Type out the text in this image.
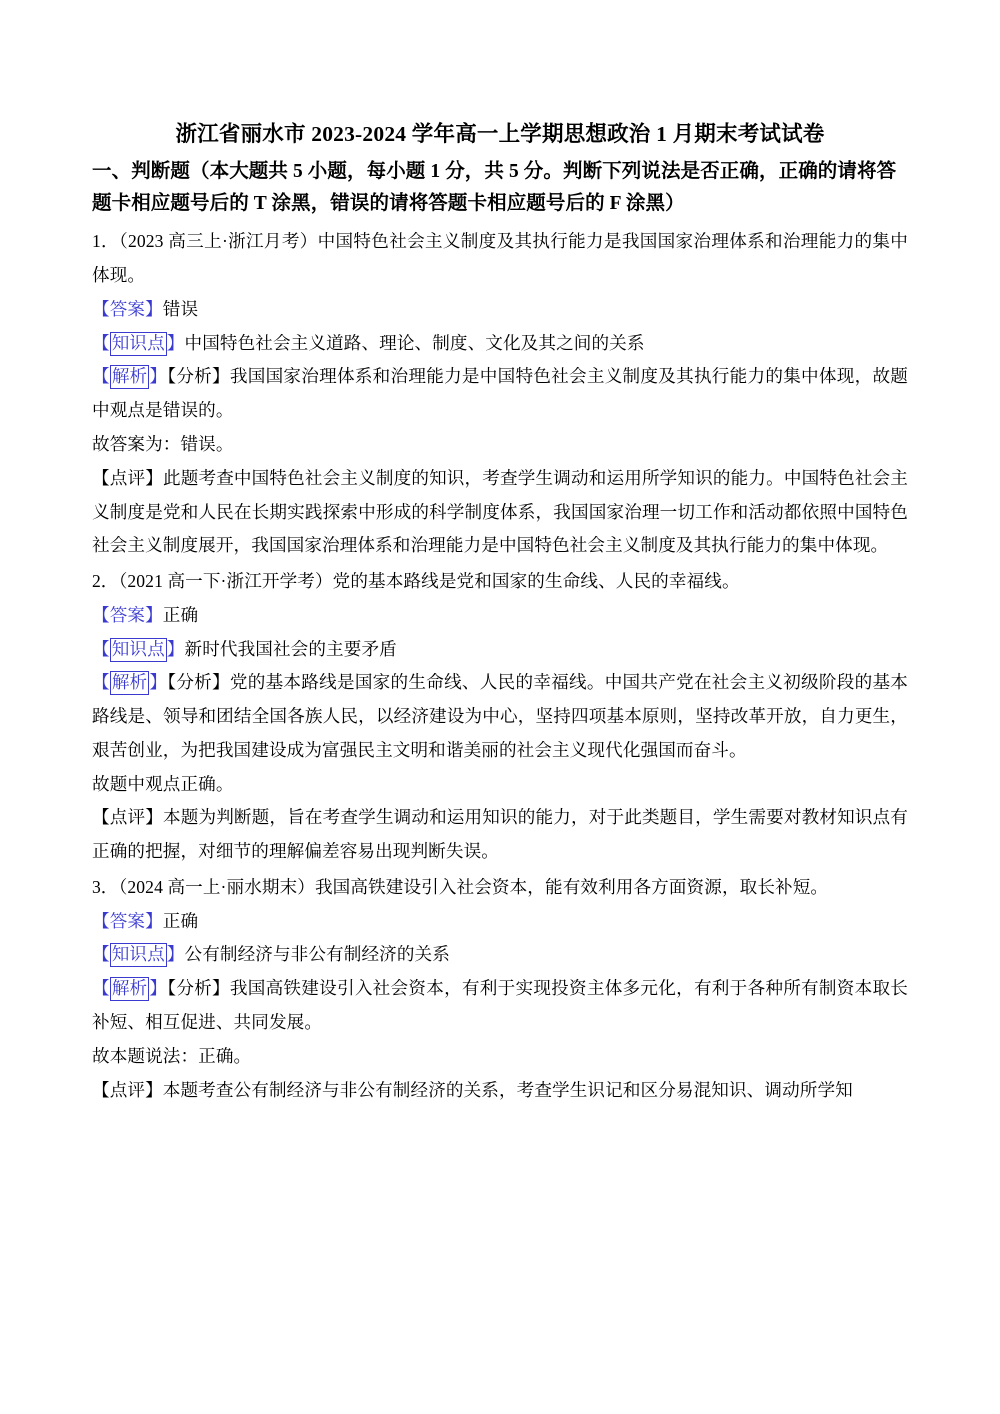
浙江省丽水市 2023-2024 学年高一上学期思想政治 1 月期末考试试卷
一、判断题（本大题共 5 小题，每小题 1 分，共 5 分。判断下列说法是否正确，正确的请将答题卡相应题号后的 T 涂黑，错误的请将答题卡相应题号后的 F 涂黑）

1．（2023 高三上·浙江月考）中国特色社会主义制度及其执行能力是我国国家治理体系和治理能力的集中体现。

【答案】错误

【 知识点 】中国特色社会主义道路、理论、制度、文化及其之间的关系

【 解析 】【分析】我国国家治理体系和治理能力是中国特色社会主义制度及其执行能力的集中体现，故题中观点是错误的。

故答案为：错误。

【点评】此题考查中国特色社会主义制度的知识，考查学生调动和运用所学知识的能力。中国特色社会主义制度是党和人民在长期实践探索中形成的科学制度体系，我国国家治理一切工作和活动都依照中国特色社会主义制度展开，我国国家治理体系和治理能力是中国特色社会主义制度及其执行能力的集中体现。

2．（2021 高一下·浙江开学考）党的基本路线是党和国家的生命线、人民的幸福线。

【答案】正确

【 知识点 】新时代我国社会的主要矛盾

【 解析 】【分析】党的基本路线是国家的生命线、人民的幸福线。中国共产党在社会主义初级阶段的基本路线是、领导和团结全国各族人民，以经济建设为中心，坚持四项基本原则，坚持改革开放，自力更生，艰苦创业，为把我国建设成为富强民主文明和谐美丽的社会主义现代化强国而奋斗。

故题中观点正确。

【点评】本题为判断题，旨在考查学生调动和运用知识的能力，对于此类题目，学生需要对教材知识点有正确的把握，对细节的理解偏差容易出现判断失误。

3．（2024 高一上·丽水期末）我国高铁建设引入社会资本，能有效利用各方面资源，取长补短。

【答案】正确

【 知识点 】公有制经济与非公有制经济的关系

【 解析 】【分析】我国高铁建设引入社会资本，有利于实现投资主体多元化，有利于各种所有制资本取长补短、相互促进、共同发展。

故本题说法：正确。

【点评】本题考查公有制经济与非公有制经济的关系，考查学生识记和区分易混知识、调动所学知
